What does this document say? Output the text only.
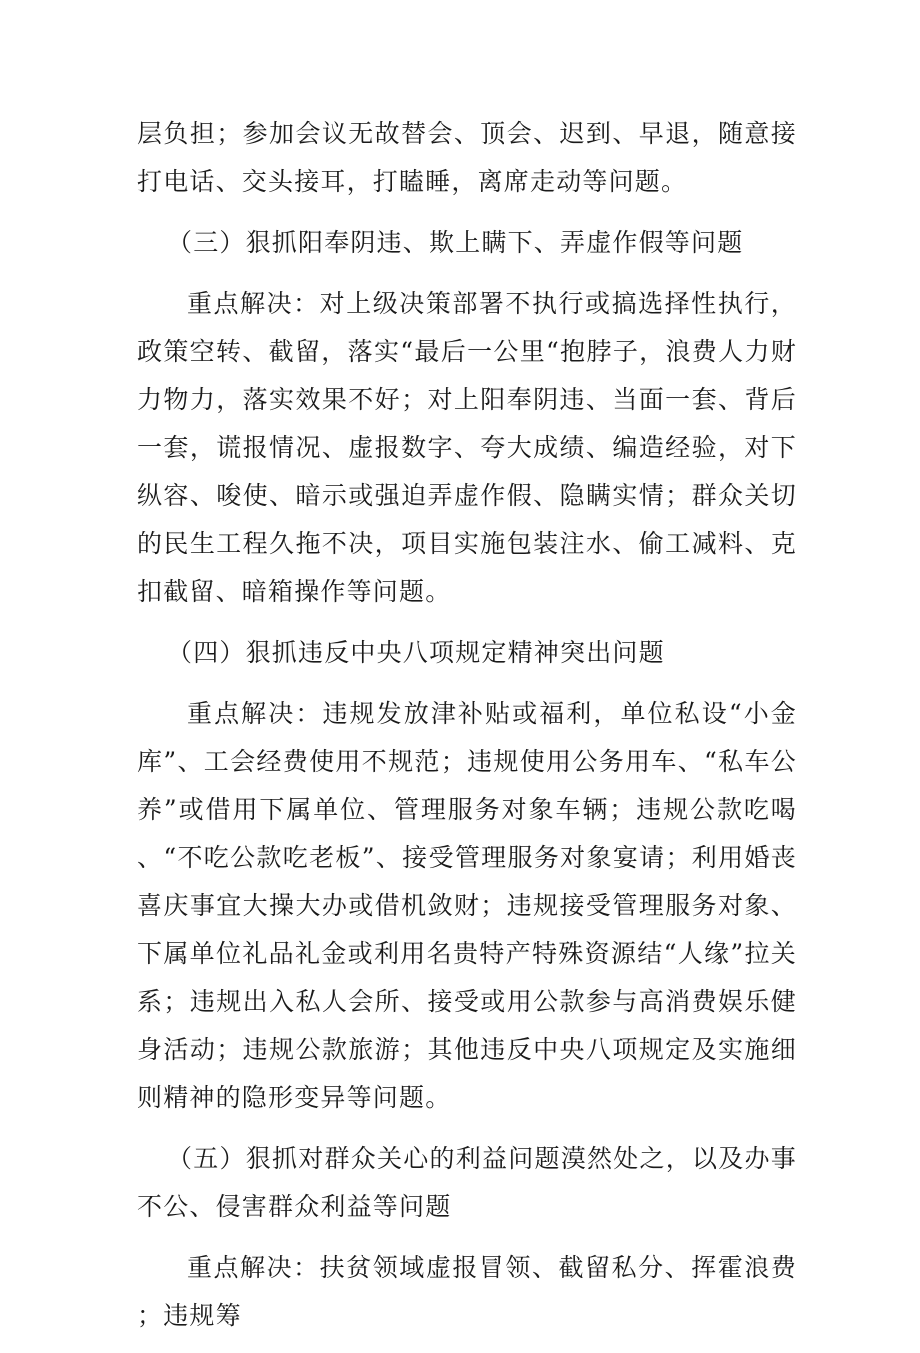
层负担；参加会议无故替会、顶会、迟到、早退，随意接打电话、交头接耳，打瞌睡，离席走动等问题。

（三）狠抓阳奉阴违、欺上瞒下、弄虚作假等问题

重点解决：对上级决策部署不执行或搞选择性执行，政策空转、截留，落实“最后一公里“抱脖子，浪费人力财力物力，落实效果不好；对上阳奉阴违、当面一套、背后一套，谎报情况、虚报数字、夸大成绩、编造经验，对下纵容、唆使、暗示或强迫弄虚作假、隐瞒实情；群众关切的民生工程久拖不决，项目实施包装注水、偷工减料、克扣截留、暗箱操作等问题。

（四）狠抓违反中央八项规定精神突出问题

重点解决：违规发放津补贴或福利，单位私设“小金库”、工会经费使用不规范；违规使用公务用车、“私车公养”或借用下属单位、管理服务对象车辆；违规公款吃喝、“不吃公款吃老板”、接受管理服务对象宴请；利用婚丧喜庆事宜大操大办或借机敛财；违规接受管理服务对象、下属单位礼品礼金或利用名贵特产特殊资源结“人缘”拉关系；违规出入私人会所、接受或用公款参与高消费娱乐健身活动；违规公款旅游；其他违反中央八项规定及实施细则精神的隐形变异等问题。

（五）狠抓对群众关心的利益问题漠然处之，以及办事不公、侵害群众利益等问题

重点解决：扶贫领域虚报冒领、截留私分、挥霍浪费；违规筹
